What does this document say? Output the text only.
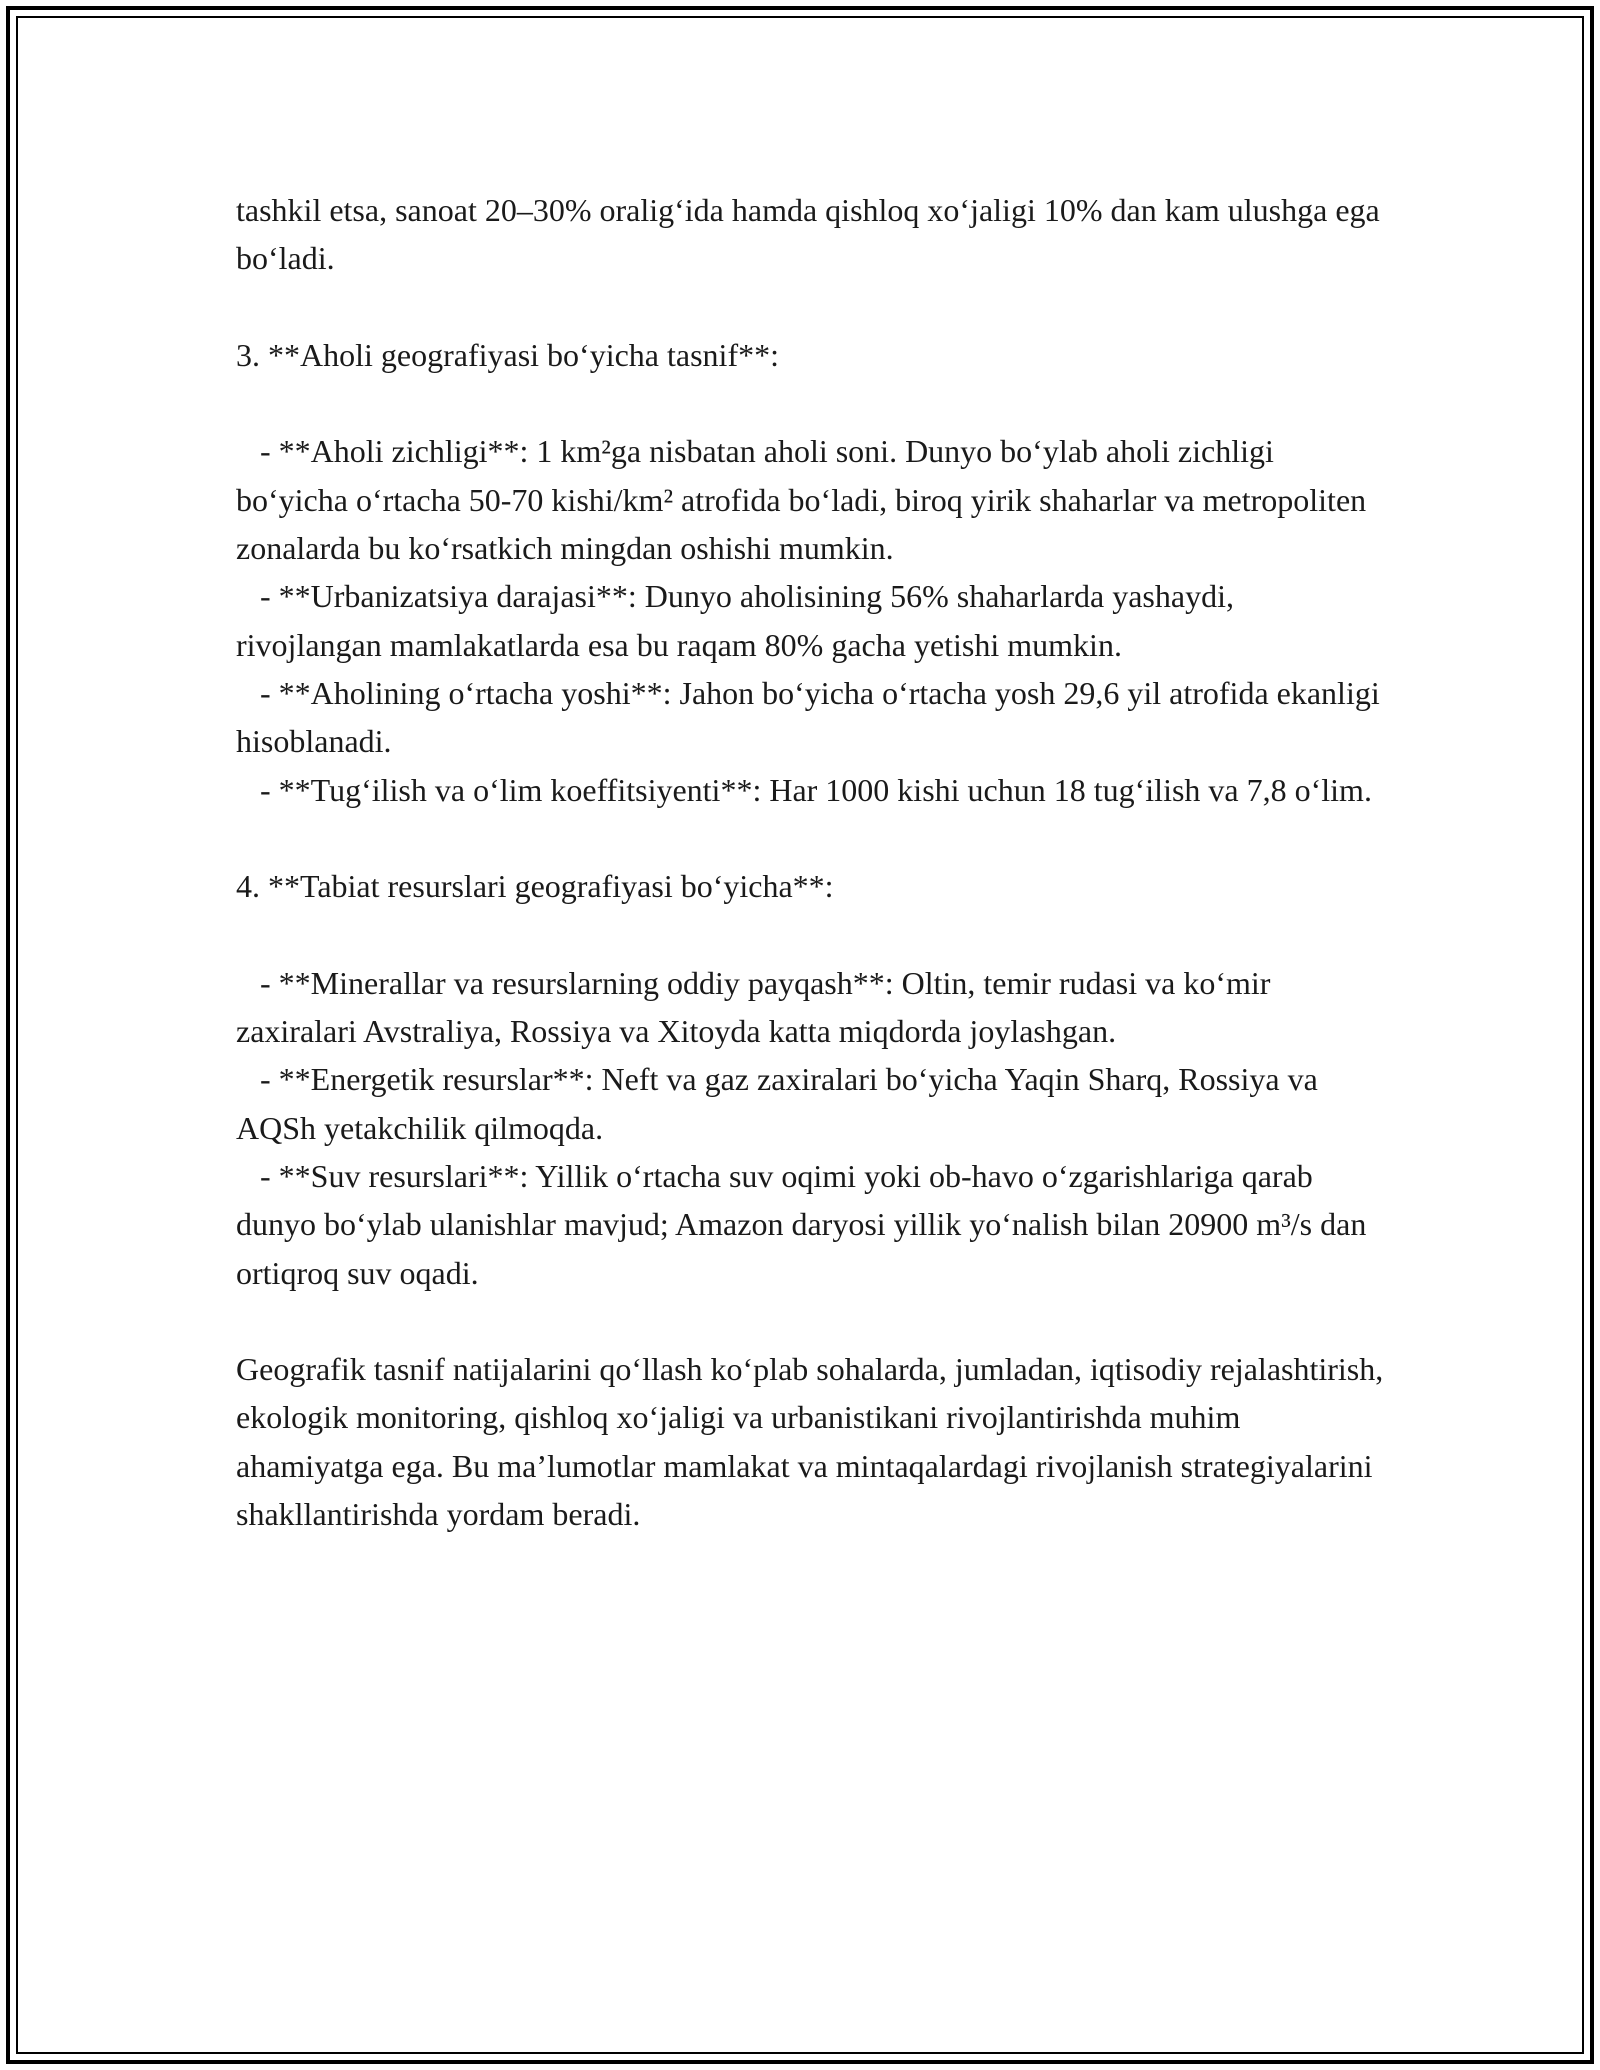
tashkil etsa, sanoat 20–30% oralig‘ida hamda qishloq xo‘jaligi 10% dan kam ulushga ega bo‘ladi.

3. **Aholi geografiyasi bo‘yicha tasnif**:

- **Aholi zichligi**: 1 km²ga nisbatan aholi soni. Dunyo bo‘ylab aholi zichligi bo‘yicha o‘rtacha 50-70 kishi/km² atrofida bo‘ladi, biroq yirik shaharlar va metropoliten zonalarda bu ko‘rsatkich mingdan oshishi mumkin.

- **Urbanizatsiya darajasi**: Dunyo aholisining 56% shaharlarda yashaydi, rivojlangan mamlakatlarda esa bu raqam 80% gacha yetishi mumkin.

- **Aholining o‘rtacha yoshi**: Jahon bo‘yicha o‘rtacha yosh 29,6 yil atrofida ekanligi hisoblanadi.

- **Tug‘ilish va o‘lim koeffitsiyenti**: Har 1000 kishi uchun 18 tug‘ilish va 7,8 o‘lim.

4. **Tabiat resurslari geografiyasi bo‘yicha**:

- **Minerallar va resurslarning oddiy payqash**: Oltin, temir rudasi va ko‘mir zaxiralari Avstraliya, Rossiya va Xitoyda katta miqdorda joylashgan.

- **Energetik resurslar**: Neft va gaz zaxiralari bo‘yicha Yaqin Sharq, Rossiya va AQSh yetakchilik qilmoqda.

- **Suv resurslari**: Yillik o‘rtacha suv oqimi yoki ob-havo o‘zgarishlariga qarab dunyo bo‘ylab ulanishlar mavjud; Amazon daryosi yillik yo‘nalish bilan 20900 m³/s dan ortiqroq suv oqadi.

Geografik tasnif natijalarini qo‘llash ko‘plab sohalarda, jumladan, iqtisodiy rejalashtirish, ekologik monitoring, qishloq xo‘jaligi va urbanistikani rivojlantirishda muhim ahamiyatga ega. Bu ma’lumotlar mamlakat va mintaqalardagi rivojlanish strategiyalarini shakllantirishda yordam beradi.
